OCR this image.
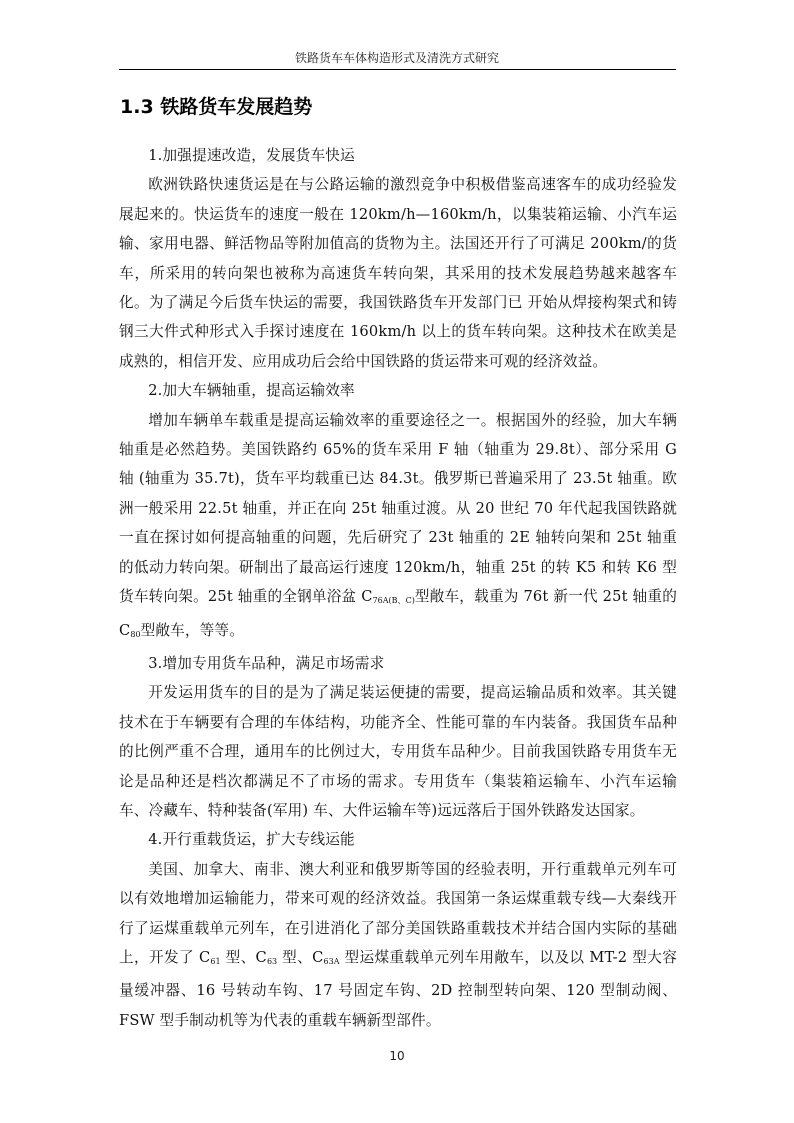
铁路货车车体构造形式及清洗方式研究
1.3 铁路货车发展趋势

1.加强提速改造，发展货车快运

欧洲铁路快速货运是在与公路运输的激烈竞争中积极借鉴高速客车的成功经验发展起来的。快运货车的速度一般在 120km/h—160km/h，以集装箱运输、小汽车运输、家用电器、鲜活物品等附加值高的货物为主。法国还开行了可满足 200km/的货车，所采用的转向架也被称为高速货车转向架，其采用的技术发展趋势越来越客车化。为了满足今后货车快运的需要，我国铁路货车开发部门已 开始从焊接构架式和铸钢三大件式种形式入手探讨速度在 160km/h 以上的货车转向架。这种技术在欧美是成熟的，相信开发、应用成功后会给中国铁路的货运带来可观的经济效益。

2.加大车辆轴重，提高运输效率

增加车辆单车载重是提高运输效率的重要途径之一。根据国外的经验，加大车辆轴重是必然趋势。美国铁路约 65%的货车采用 F 轴（轴重为 29.8t）、部分采用 G 轴 (轴重为 35.7t)，货车平均载重已达 84.3t。俄罗斯已普遍采用了 23.5t 轴重。欧洲一般采用 22.5t 轴重，并正在向 25t 轴重过渡。从 20 世纪 70 年代起我国铁路就一直在探讨如何提高轴重的问题，先后研究了 23t 轴重的 2E 轴转向架和 25t 轴重的低动力转向架。研制出了最高运行速度 120km/h，轴重 25t 的转 K5 和转 K6 型货车转向架。25t 轴重的全钢单浴盆 $C_{76A(B、C)}$型敞车，载重为 76t 新一代 25t 轴重的 $C_{80}$型敞车，等等。

3.增加专用货车品种，满足市场需求

开发运用货车的目的是为了满足装运便捷的需要，提高运输品质和效率。其关键技术在于车辆要有合理的车体结构，功能齐全、性能可靠的车内装备。我国货车品种的比例严重不合理，通用车的比例过大，专用货车品种少。目前我国铁路专用货车无论是品种还是档次都满足不了市场的需求。专用货车（集装箱运输车、小汽车运输车、冷藏车、特种装备(军用) 车、大件运输车等)远远落后于国外铁路发达国家。

4.开行重载货运，扩大专线运能

美国、加拿大、南非、澳大利亚和俄罗斯等国的经验表明，开行重载单元列车可以有效地增加运输能力，带来可观的经济效益。我国第一条运煤重载专线—大秦线开行了运煤重载单元列车，在引进消化了部分美国铁路重载技术并结合国内实际的基础上，开发了 $C_{61}$ 型、$C_{63}$ 型、$C_{63A}$ 型运煤重载单元列车用敞车，以及以 MT-2 型大容量缓冲器、16 号转动车钩、17 号固定车钩、2D 控制型转向架、120 型制动阀、FSW 型手制动机等为代表的重载车辆新型部件。

10
